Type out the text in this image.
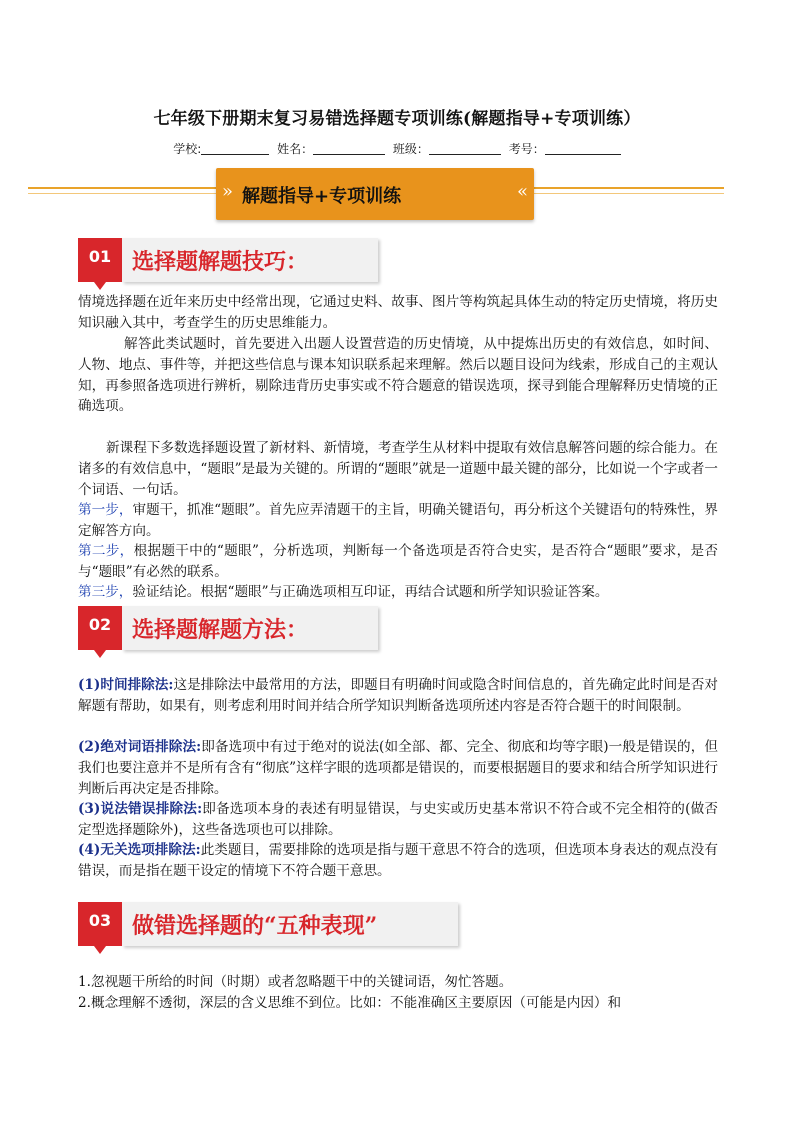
七年级下册期末复习易错选择题专项训练(解题指导+专项训练）
学校:	姓名：	班级：	考号：
» 解题指导+专项训练	«
01 选择题解题技巧：
情境选择题在近年来历史中经常出现，它通过史料、故事、图片等构筑起具体生动的特定历史情境，将历史知识融入其中，考查学生的历史思维能力。
解答此类试题时，首先要进入出题人设置营造的历史情境，从中提炼出历史的有效信息，如时间、人物、地点、事件等，并把这些信息与课本知识联系起来理解。然后以题目设问为线索，形成自己的主观认知，再参照备选项进行辨析，剔除违背历史事实或不符合题意的错误选项，探寻到能合理解释历史情境的正确选项。
新课程下多数选择题设置了新材料、新情境，考查学生从材料中提取有效信息解答问题的综合能力。在诸多的有效信息中，“题眼”是最为关键的。所谓的“题眼”就是一道题中最关键的部分，比如说一个字或者一个词语、一句话。
第一步，审题干，抓准“题眼”。首先应弄清题干的主旨，明确关键语句，再分析这个关键语句的特殊性，界定解答方向。
第二步，根据题干中的“题眼”，分析选项，判断每一个备选项是否符合史实，是否符合“题眼”要求，是否与“题眼”有必然的联系。
第三步，验证结论。根据“题眼”与正确选项相互印证，再结合试题和所学知识验证答案。
02 选择题解题方法：
(1)时间排除法:这是排除法中最常用的方法，即题目有明确时间或隐含时间信息的，首先确定此时间是否对解题有帮助，如果有，则考虑利用时间并结合所学知识判断备选项所述内容是否符合题干的时间限制。
(2)绝对词语排除法:即备选项中有过于绝对的说法(如全部、都、完全、彻底和均等字眼)一般是错误的，但我们也要注意并不是所有含有“彻底”这样字眼的选项都是错误的，而要根据题目的要求和结合所学知识进行判断后再决定是否排除。
(3)说法错误排除法:即备选项本身的表述有明显错误，与史实或历史基本常识不符合或不完全相符的(做否定型选择题除外)，这些备选项也可以排除。
(4)无关选项排除法:此类题目，需要排除的选项是指与题干意思不符合的选项，但选项本身表达的观点没有错误，而是指在题干设定的情境下不符合题干意思。
03 做错选择题的“五种表现”
1.忽视题干所给的时间（时期）或者忽略题干中的关键词语，匆忙答题。
2.概念理解不透彻，深层的含义思维不到位。比如：不能准确区主要原因（可能是内因）和
